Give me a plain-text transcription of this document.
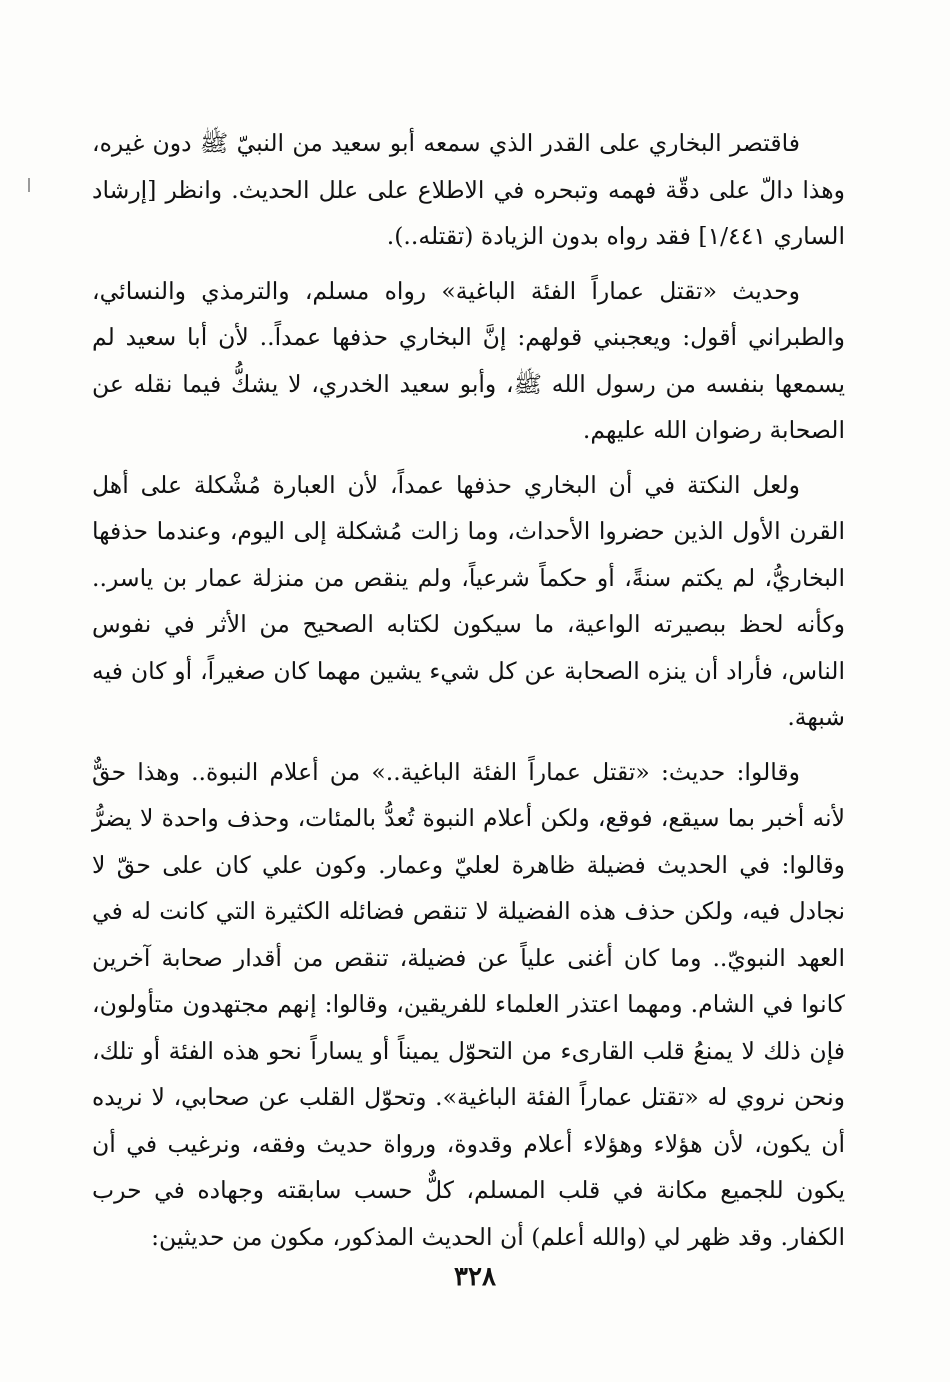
فاقتصر البخاري على القدر الذي سمعه أبو سعيد من النبيّ ﷺ دون غيره، وهذا دالّ على دقّة فهمه وتبحره في الاطلاع على علل الحديث. وانظر [إرشاد الساري ١/٤٤١] فقد رواه بدون الزيادة (تقتله..).

وحديث «تقتل عماراً الفئة الباغية» رواه مسلم، والترمذي والنسائي، والطبراني أقول: ويعجبني قولهم: إنَّ البخاري حذفها عمداً.. لأن أبا سعيد لم يسمعها بنفسه من رسول الله ﷺ، وأبو سعيد الخدري، لا يشكُّ فيما نقله عن الصحابة رضوان الله عليهم.

ولعل النكتة في أن البخاري حذفها عمداً، لأن العبارة مُشْكلة على أهل القرن الأول الذين حضروا الأحداث، وما زالت مُشكلة إلى اليوم، وعندما حذفها البخاريُّ، لم يكتم سنةً، أو حكماً شرعياً، ولم ينقص من منزلة عمار بن ياسر.. وكأنه لحظ ببصيرته الواعية، ما سيكون لكتابه الصحيح من الأثر في نفوس الناس، فأراد أن ينزه الصحابة عن كل شيء يشين مهما كان صغيراً، أو كان فيه شبهة.

وقالوا: حديث: «تقتل عماراً الفئة الباغية..» من أعلام النبوة.. وهذا حقٌّ لأنه أخبر بما سيقع، فوقع، ولكن أعلام النبوة تُعدُّ بالمئات، وحذف واحدة لا يضرُّ وقالوا: في الحديث فضيلة ظاهرة لعليّ وعمار. وكون علي كان على حقّ لا نجادل فيه، ولكن حذف هذه الفضيلة لا تنقص فضائله الكثيرة التي كانت له في العهد النبويّ.. وما كان أغنى علياً عن فضيلة، تنقص من أقدار صحابة آخرين كانوا في الشام. ومهما اعتذر العلماء للفريقين، وقالوا: إنهم مجتهدون متأولون، فإن ذلك لا يمنعُ قلب القارىء من التحوّل يميناً أو يساراً نحو هذه الفئة أو تلك، ونحن نروي له «تقتل عماراً الفئة الباغية». وتحوّل القلب عن صحابي، لا نريده أن يكون، لأن هؤلاء وهؤلاء أعلام وقدوة، ورواة حديث وفقه، ونرغيب في أن يكون للجميع مكانة في قلب المسلم، كلٌّ حسب سابقته وجهاده في حرب الكفار. وقد ظهر لي (والله أعلم) أن الحديث المذكور، مكون من حديثين:

٣٢٨
